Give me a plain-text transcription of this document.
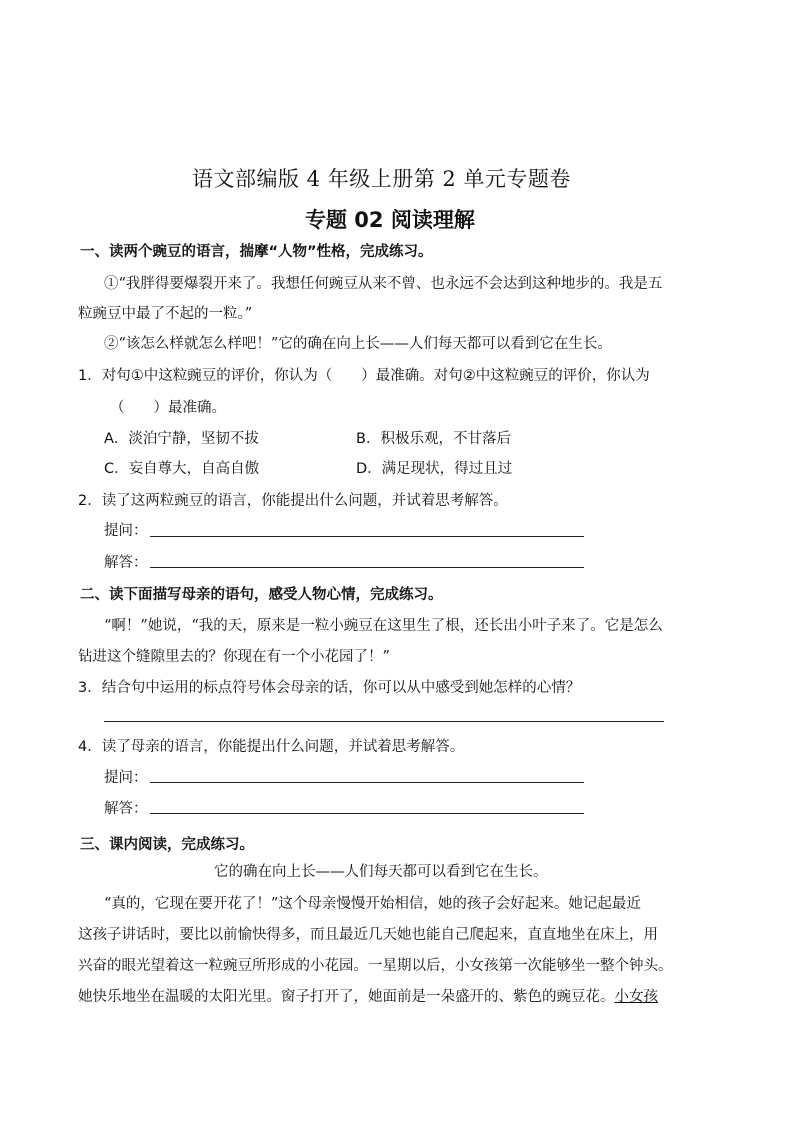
语文部编版 4 年级上册第 2 单元专题卷
专题 02 阅读理解
一、读两个豌豆的语言，揣摩“人物”性格，完成练习。
①“我胖得要爆裂开来了。我想任何豌豆从来不曾、也永远不会达到这种地步的。我是五
粒豌豆中最了不起的一粒。”
②“该怎么样就怎么样吧！”它的确在向上长——人们每天都可以看到它在生长。
1．对句①中这粒豌豆的评价，你认为（　　）最准确。对句②中这粒豌豆的评价，你认为
（　　）最准确。
A．淡泊宁静，坚韧不拔	B．积极乐观，不甘落后
C．妄自尊大，自高自傲	D．满足现状，得过且过
2．读了这两粒豌豆的语言，你能提出什么问题，并试着思考解答。
提问：
解答：
二、读下面描写母亲的语句，感受人物心情，完成练习。
“啊！”她说，“我的天，原来是一粒小豌豆在这里生了根，还长出小叶子来了。它是怎么
钻进这个缝隙里去的？你现在有一个小花园了！”
3．结合句中运用的标点符号体会母亲的话，你可以从中感受到她怎样的心情？
4．读了母亲的语言，你能提出什么问题，并试着思考解答。
提问：
解答：
三、课内阅读，完成练习。
它的确在向上长——人们每天都可以看到它在生长。
“真的，它现在要开花了！”这个母亲慢慢开始相信，她的孩子会好起来。她记起最近
这孩子讲话时，要比以前愉快得多，而且最近几天她也能自己爬起来，直直地坐在床上，用
兴奋的眼光望着这一粒豌豆所形成的小花园。一星期以后，小女孩第一次能够坐一整个钟头。
她快乐地坐在温暖的太阳光里。窗子打开了，她面前是一朵盛开的、紫色的豌豆花。小女孩
